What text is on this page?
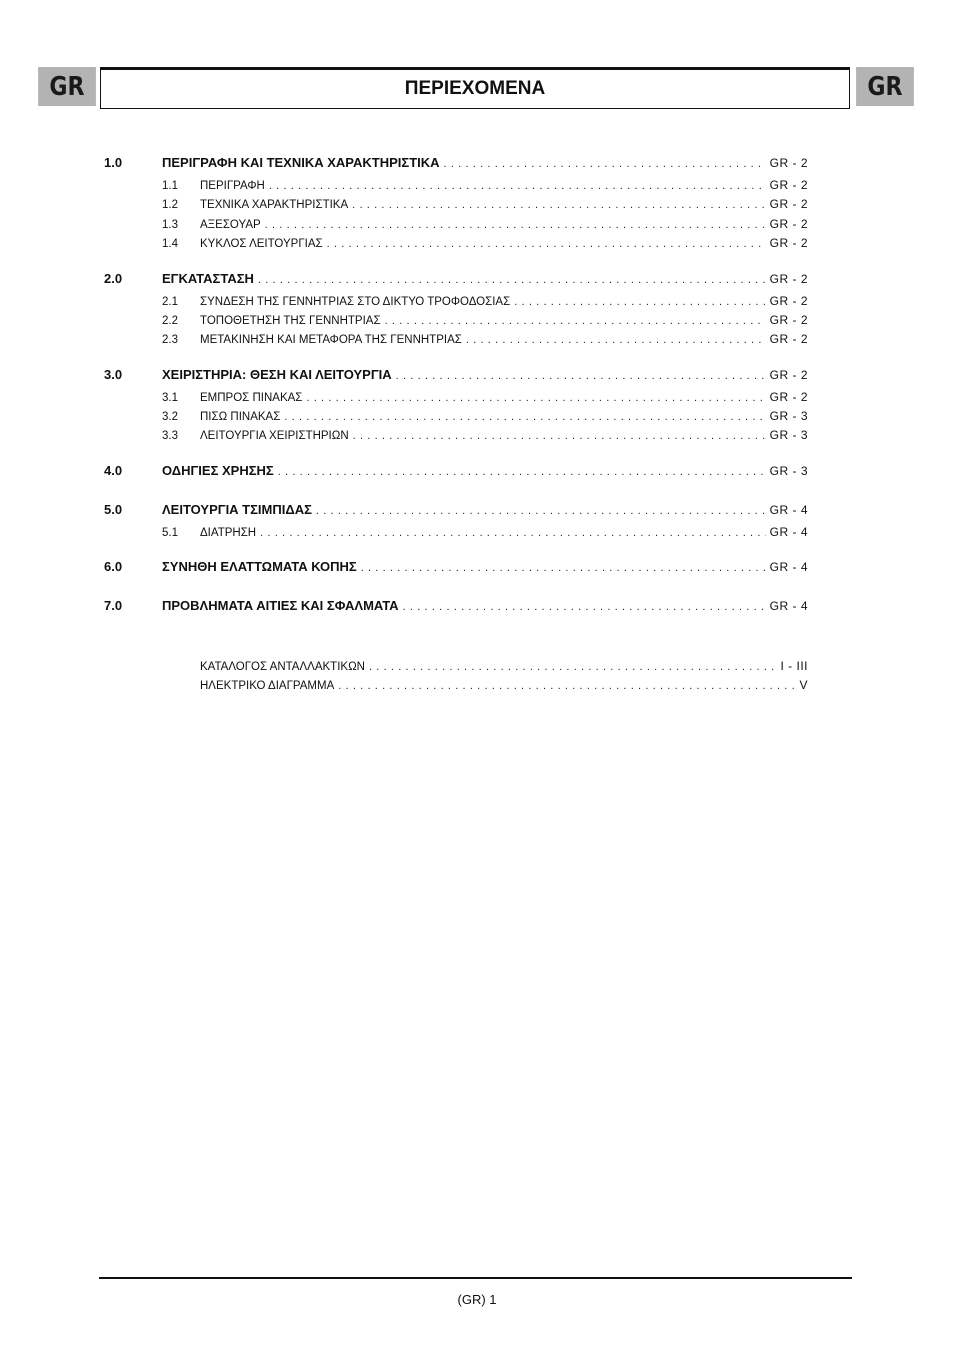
GR	ΠΕΡΙΕΧΟΜΕΝΑ	GR
1.0	ΠΕΡΙΓΡΑΦΗ ΚΑΙ ΤΕΧΝΙΚΑ ΧΑΡΑΚΤΗΡΙΣΤΙΚΑ . . .	GR - 2
1.1	ΠΕΡΙΓΡΑΦΗ . . .	GR - 2
1.2	ΤΕΧΝΙΚΑ ΧΑΡΑΚΤΗΡΙΣΤΙΚΑ . . .	GR - 2
1.3	ΑΞΕΣΟΥΑΡ . . .	GR - 2
1.4	ΚΥΚΛΟΣ ΛΕΙΤΟΥΡΓΙΑΣ . . .	GR - 2
2.0	ΕΓΚΑΤΑΣΤΑΣΗ . . .	GR - 2
2.1	ΣΥΝΔΕΣΗ ΤΗΣ ΓΕΝΝΗΤΡΙΑΣ ΣΤΟ ΔΙΚΤΥΟ ΤΡΟΦΟΔΟΣΙΑΣ . . .	GR - 2
2.2	ΤΟΠΟΘΕΤΗΣΗ ΤΗΣ ΓΕΝΝΗΤΡΙΑΣ . . .	GR - 2
2.3	ΜΕΤΑΚΙΝΗΣΗ ΚΑΙ ΜΕΤΑΦΟΡΑ ΤΗΣ ΓΕΝΝΗΤΡΙΑΣ . . .	GR - 2
3.0	ΧΕΙΡΙΣΤΗΡΙΑ: ΘΕΣΗ ΚΑΙ ΛΕΙΤΟΥΡΓΙΑ . . .	GR - 2
3.1	ΕΜΠΡΟΣ ΠΙΝΑΚΑΣ . . .	GR - 2
3.2	ΠΙΣΩ ΠΙΝΑΚΑΣ . . .	GR - 3
3.3	ΛΕΙΤΟΥΡΓΙΑ ΧΕΙΡΙΣΤΗΡΙΩΝ . . .	GR - 3
4.0	ΟΔΗΓΙΕΣ ΧΡΗΣΗΣ . . .	GR - 3
5.0	ΛΕΙΤΟΥΡΓΙΑ ΤΣΙΜΠΙΔΑΣ . . .	GR - 4
5.1	ΔΙΑΤΡΗΣΗ . . .	GR - 4
6.0	ΣΥΝΗΘΗ ΕΛΑΤΤΩΜΑΤΑ ΚΟΠΗΣ . . .	GR - 4
7.0	ΠΡΟΒΛΗΜΑΤΑ ΑΙΤΙΕΣ ΚΑΙ ΣΦΑΛΜΑΤΑ . . .	GR - 4
ΚΑΤΑΛΟΓΟΣ ΑΝΤΑΛΛΑΚΤΙΚΩΝ . . .	I - III
ΗΛΕΚΤΡΙΚΟ ΔΙΑΓΡΑΜΜΑ . . .	V
(GR) 1
